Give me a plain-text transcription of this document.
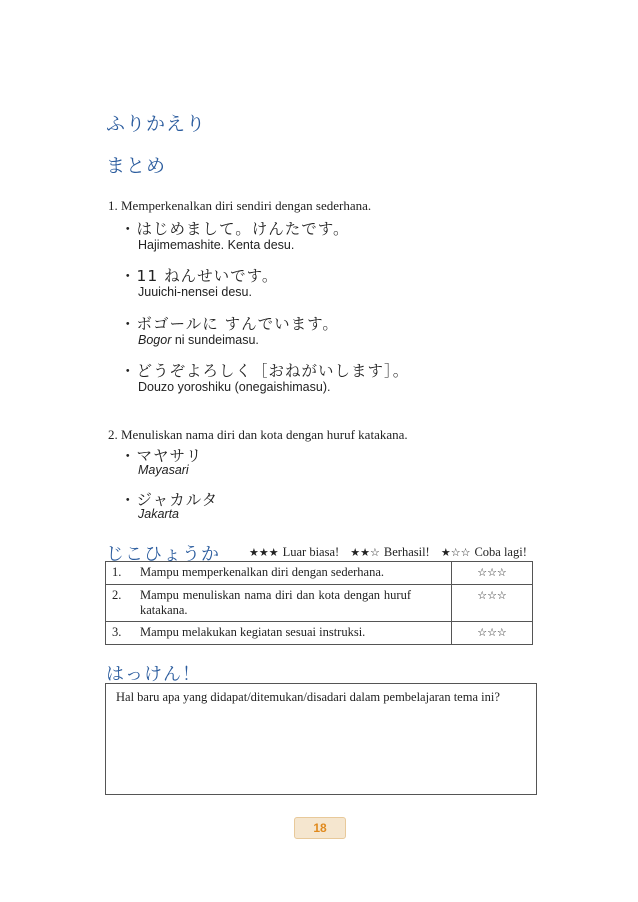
ふりかえり
まとめ
1. Memperkenalkan diri sendiri dengan sederhana.
・はじめまして。けんたです。
Hajimemashite. Kenta desu.
・11 ねんせいです。
Juuichi-nensei desu.
・ボゴールに すんでいます。
Bogor ni sundeimasu.
・どうぞよろしく［おねがいします］。
Douzo yoroshiku (onegaishimasu).
2. Menuliskan nama diri dan kota dengan huruf katakana.
・マヤサリ
Mayasari
・ジャカルタ
Jakarta
じこひょうか	★★★ Luar biasa! ★★☆ Berhasil! ★☆☆ Coba lagi!
1.	Mampu memperkenalkan diri dengan sederhana.	☆☆☆
2.	Mampu menuliskan nama diri dan kota dengan huruf katakana.	☆☆☆
3.	Mampu melakukan kegiatan sesuai instruksi.	☆☆☆
はっけん！
Hal baru apa yang didapat/ditemukan/disadari dalam pembelajaran tema ini?
18
